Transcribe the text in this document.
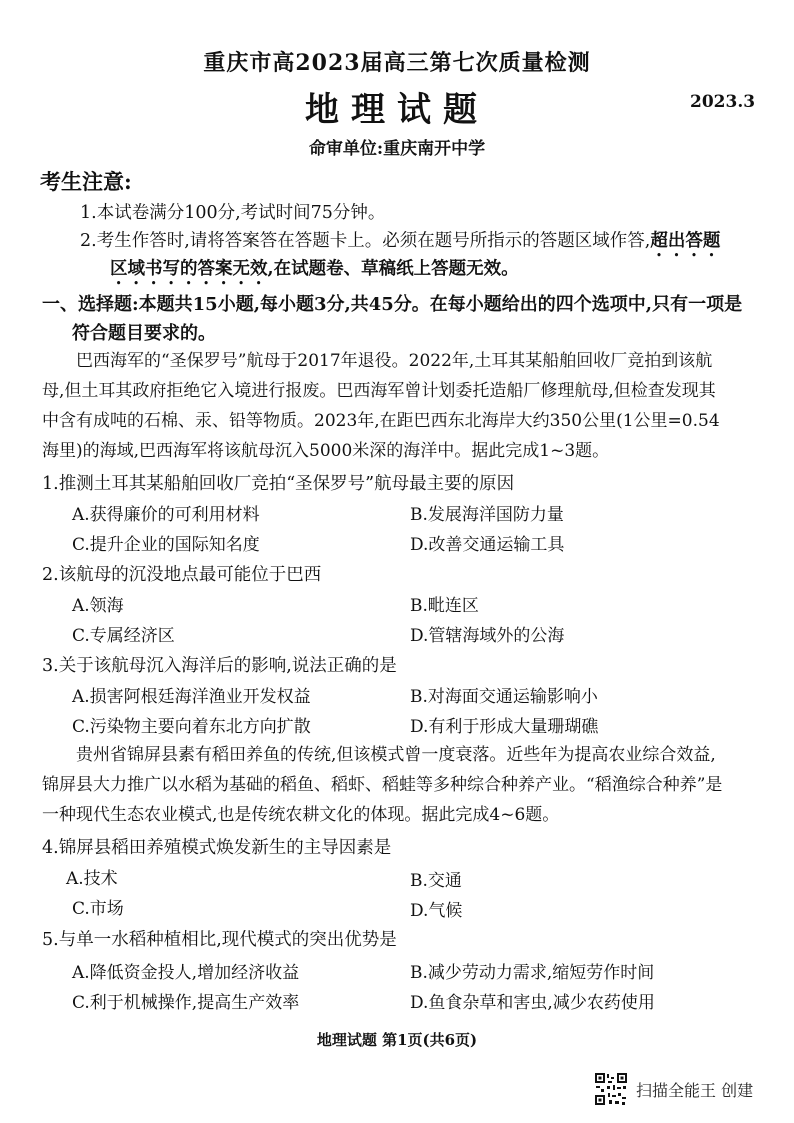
重庆市高2023届高三第七次质量检测
地理试题	2023.3
命审单位:重庆南开中学
考生注意:
1.本试卷满分100分,考试时间75分钟。
2.考生作答时,请将答案答在答题卡上。必须在题号所指示的答题区域作答,超出答题
区域书写的答案无效,在试题卷、草稿纸上答题无效。
一、选择题:本题共15小题,每小题3分,共45分。在每小题给出的四个选项中,只有一项是
符合题目要求的。
巴西海军的“圣保罗号”航母于2017年退役。2022年,土耳其某船舶回收厂竞拍到该航
母,但土耳其政府拒绝它入境进行报废。巴西海军曾计划委托造船厂修理航母,但检查发现其
中含有成吨的石棉、汞、铅等物质。2023年,在距巴西东北海岸大约350公里(1公里=0.54
海里)的海域,巴西海军将该航母沉入5000米深的海洋中。据此完成1~3题。
1.推测土耳其某船舶回收厂竞拍“圣保罗号”航母最主要的原因
A.获得廉价的可利用材料	B.发展海洋国防力量
C.提升企业的国际知名度	D.改善交通运输工具
2.该航母的沉没地点最可能位于巴西
A.领海	B.毗连区
C.专属经济区	D.管辖海域外的公海
3.关于该航母沉入海洋后的影响,说法正确的是
A.损害阿根廷海洋渔业开发权益	B.对海面交通运输影响小
C.污染物主要向着东北方向扩散	D.有利于形成大量珊瑚礁
贵州省锦屏县素有稻田养鱼的传统,但该模式曾一度衰落。近些年为提高农业综合效益,
锦屏县大力推广以水稻为基础的稻鱼、稻虾、稻蛙等多种综合种养产业。“稻渔综合种养”是
一种现代生态农业模式,也是传统农耕文化的体现。据此完成4~6题。
4.锦屏县稻田养殖模式焕发新生的主导因素是
A.技术	B.交通
C.市场	D.气候
5.与单一水稻种植相比,现代模式的突出优势是
A.降低资金投人,增加经济收益	B.减少劳动力需求,缩短劳作时间
C.利于机械操作,提高生产效率	D.鱼食杂草和害虫,减少农药使用
地理试题 第1页(共6页)
扫描全能王 创建
